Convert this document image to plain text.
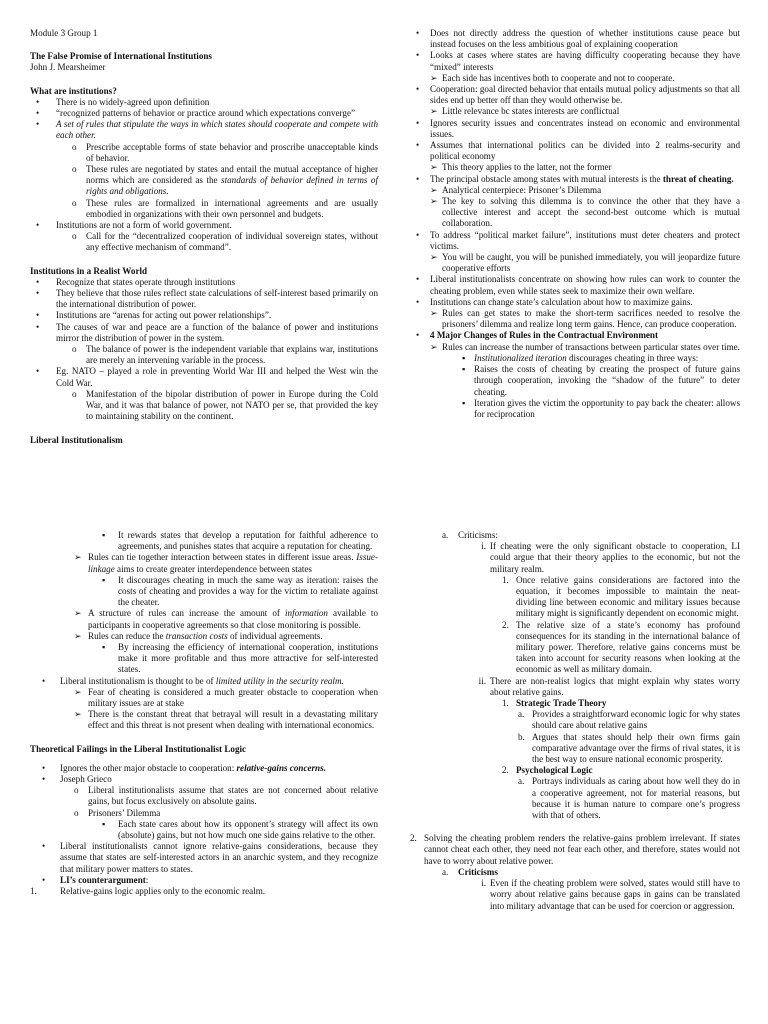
Module 3 Group 1

The False Promise of International Institutions

John J. Mearsheimer

What are institutions?

•	There is no widely-agreed upon definition
•	“recognized patterns of behavior or practice around which expectations converge”
•	A set of rules that stipulate the ways in which states should cooperate and compete with each other.
o	Prescribe acceptable forms of state behavior and proscribe unacceptable kinds of behavior.
o	These rules are negotiated by states and entail the mutual acceptance of higher norms which are considered as the standards of behavior defined in terms of rights and obligations.
o	These rules are formalized in international agreements and are usually embodied in organizations with their own personnel and budgets.
•	Institutions are not a form of world government.
o	Call for the “decentralized cooperation of individual sovereign states, without any effective mechanism of command”.

Institutions in a Realist World

•	Recognize that states operate through institutions
•	They believe that those rules reflect state calculations of self-interest based primarily on the international distribution of power.
•	Institutions are “arenas for acting out power relationships”.
•	The causes of war and peace are a function of the balance of power and institutions mirror the distribution of power in the system.
o	The balance of power is the independent variable that explains war, institutions are merely an intervening variable in the process.
•	Eg. NATO – played a role in preventing World War III and helped the West win the Cold War.
o	Manifestation of the bipolar distribution of power in Europe during the Cold War, and it was that balance of power, not NATO per se, that provided the key to maintaining stability on the continent.

Liberal Institutionalism

•	Does not directly address the question of whether institutions cause peace but instead focuses on the less ambitious goal of explaining cooperation
•	Looks at cases where states are having difficulty cooperating because they have “mixed” interests
➢ Each side has incentives both to cooperate and not to cooperate.
•	Cooperation: goal directed behavior that entails mutual policy adjustments so that all sides end up better off than they would otherwise be.
➢ Little relevance bc states interests are conflictual
•	Ignores security issues and concentrates instead on economic and environmental issues.
•	Assumes that international politics can be divided into 2 realms-security and political economy
➢ This theory applies to the latter, not the former
•	The principal obstacle among states with mutual interests is the threat of cheating.
➢ Analytical centerpiece: Prisoner’s Dilemma
➢ The key to solving this dilemma is to convince the other that they have a collective interest and accept the second-best outcome which is mutual collaboration.
•	To address “political market failure”, institutions must deter cheaters and protect victims.
➢ You will be caught, you will be punished immediately, you will jeopardize future cooperative efforts
•	Liberal institutionalists concentrate on showing how rules can work to counter the cheating problem, even while states seek to maximize their own welfare.
•	Institutions can change state’s calculation about how to maximize gains.
➢ Rules can get states to make the short-term sacrifices needed to resolve the prisoners’ dilemma and realize long term gains. Hence, can produce cooperation.
•	4 Major Changes of Rules in the Contractual Environment
➢ Rules can increase the number of transactions between particular states over time.
▪ Institutionalized iteration discourages cheating in three ways:
▪ Raises the costs of cheating by creating the prospect of future gains through cooperation, invoking the “shadow of the future” to deter cheating.
▪ Iteration gives the victim the opportunity to pay back the cheater: allows for reciprocation
▪	It rewards states that develop a reputation for faithful adherence to agreements, and punishes states that acquire a reputation for cheating.
➢ Rules can tie together interaction between states in different issue areas. Issue-linkage aims to create greater interdependence between states
▪	It discourages cheating in much the same way as iteration: raises the costs of cheating and provides a way for the victim to retaliate against the cheater.
➢ A structure of rules can increase the amount of information available to participants in cooperative agreements so that close monitoring is possible.
➢ Rules can reduce the transaction costs of individual agreements.
▪	By increasing the efficiency of international cooperation, institutions make it more profitable and thus more attractive for self-interested states.
•	Liberal institutionalism is thought to be of limited utility in the security realm.
➢ Fear of cheating is considered a much greater obstacle to cooperation when military issues are at stake
➢ There is the constant threat that betrayal will result in a devastating military effect and this threat is not present when dealing with international economics.

Theoretical Failings in the Liberal Institutionalist Logic

•	Ignores the other major obstacle to cooperation: relative-gains concerns.
•	Joseph Grieco
o	Liberal institutionalists assume that states are not concerned about relative gains, but focus exclusively on absolute gains.
o	Prisoners’ Dilemma
▪	Each state cares about how its opponent’s strategy will affect its own (absolute) gains, but not how much one side gains relative to the other.
•	Liberal institutionalists cannot ignore relative-gains considerations, because they assume that states are self-interested actors in an anarchic system, and they recognize that military power matters to states.
•	LI’s counterargument:
1.	Relative-gains logic applies only to the economic realm.
a.	Criticisms:
i. If cheating were the only significant obstacle to cooperation, LI could argue that their theory applies to the economic, but not the military realm.
1. Once relative gains considerations are factored into the equation, it becomes impossible to maintain the neat-dividing line between economic and military issues because military might is significantly dependent on economic might.
2. The relative size of a state’s economy has profound consequences for its standing in the international balance of military power. Therefore, relative gains concerns must be taken into account for security reasons when looking at the economic as well as military domain.
ii. There are non-realist logics that might explain why states worry about relative gains.
1. Strategic Trade Theory
a. Provides a straightforward economic logic for why states should care about relative gains
b. Argues that states should help their own firms gain comparative advantage over the firms of rival states, it is the best way to ensure national economic prosperity.
2. Psychological Logic
a. Portrays individuals as caring about how well they do in a cooperative agreement, not for material reasons, but because it is human nature to compare one’s progress with that of others.
2. Solving the cheating problem renders the relative-gains problem irrelevant. If states cannot cheat each other, they need not fear each other, and therefore, states would not have to worry about relative power.
a.	Criticisms
i. Even if the cheating problem were solved, states would still have to worry about relative gains because gaps in gains can be translated into military advantage that can be used for coercion or aggression.
